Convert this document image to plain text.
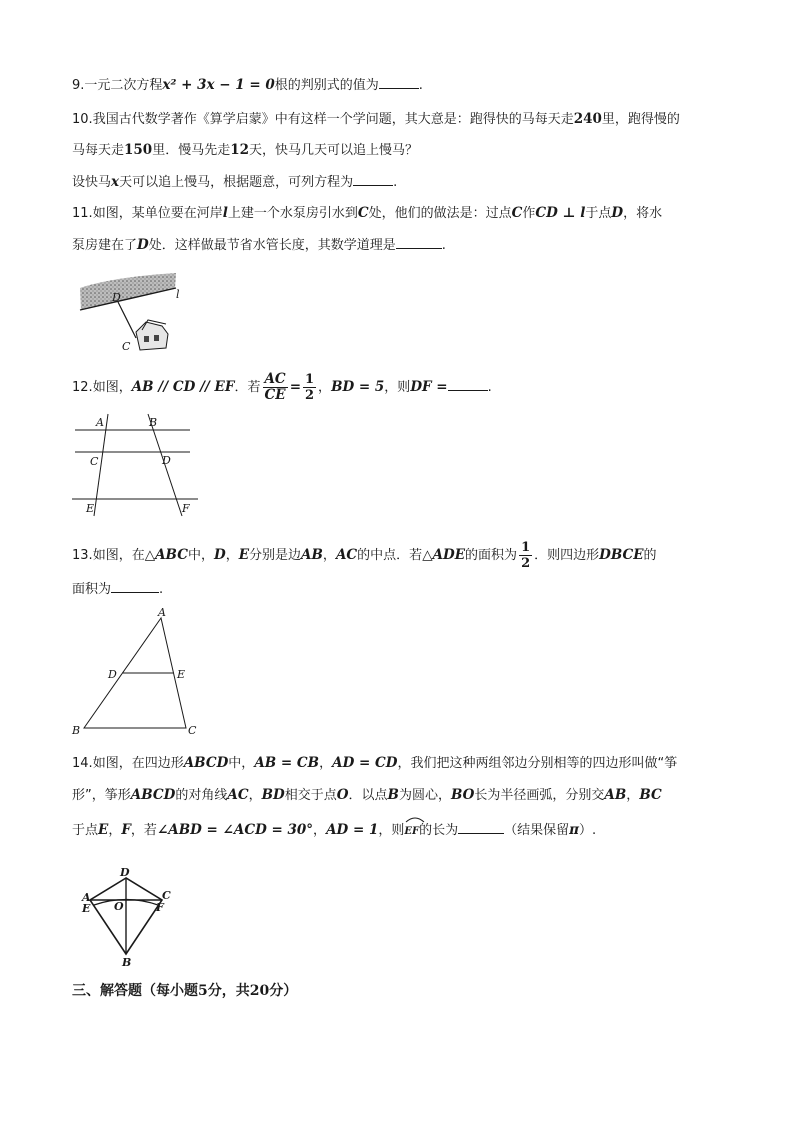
9.一元二次方程x² + 3x − 1 = 0根的判别式的值为	.
10.我国古代数学著作《算学启蒙》中有这样一个学问题，其大意是：跑得快的马每天走240里，跑得慢的
马每天走150里．慢马先走12天，快马几天可以追上慢马？
设快马x天可以追上慢马，根据题意，可列方程为	.
11.如图，某单位要在河岸l上建一个水泵房引水到C处，他们的做法是：过点C作CD ⊥ l于点D，将水
泵房建在了D处．这样做最节省水管长度，其数学道理是	.
D	l
C
12.如图，AB // CD // EF．若 $\frac{AC}{CE} = \frac{1}{2}$ ，BD = 5，则DF =	.
A	B
C	D
E	F
13.如图，在△ABC中，D，E分别是边AB，AC的中点．若△ADE的面积为 $\frac{1}{2}$ ．则四边形DBCE的
面积为	.
A
D	E
B	C
14.如图，在四边形ABCD中，AB = CB，AD = CD，我们把这种两组邻边分别相等的四边形叫做“筝
形”，筝形ABCD的对角线AC，BD相交于点O．以点B为圆心，BO长为半径画弧，分别交AB，BC
于点E，F，若∠ABD = ∠ACD = 30°，AD = 1，则
EF的长为	（结果保留π）.
D
A
E O
C
F
B
三、解答题（每小题5分，共20分）
